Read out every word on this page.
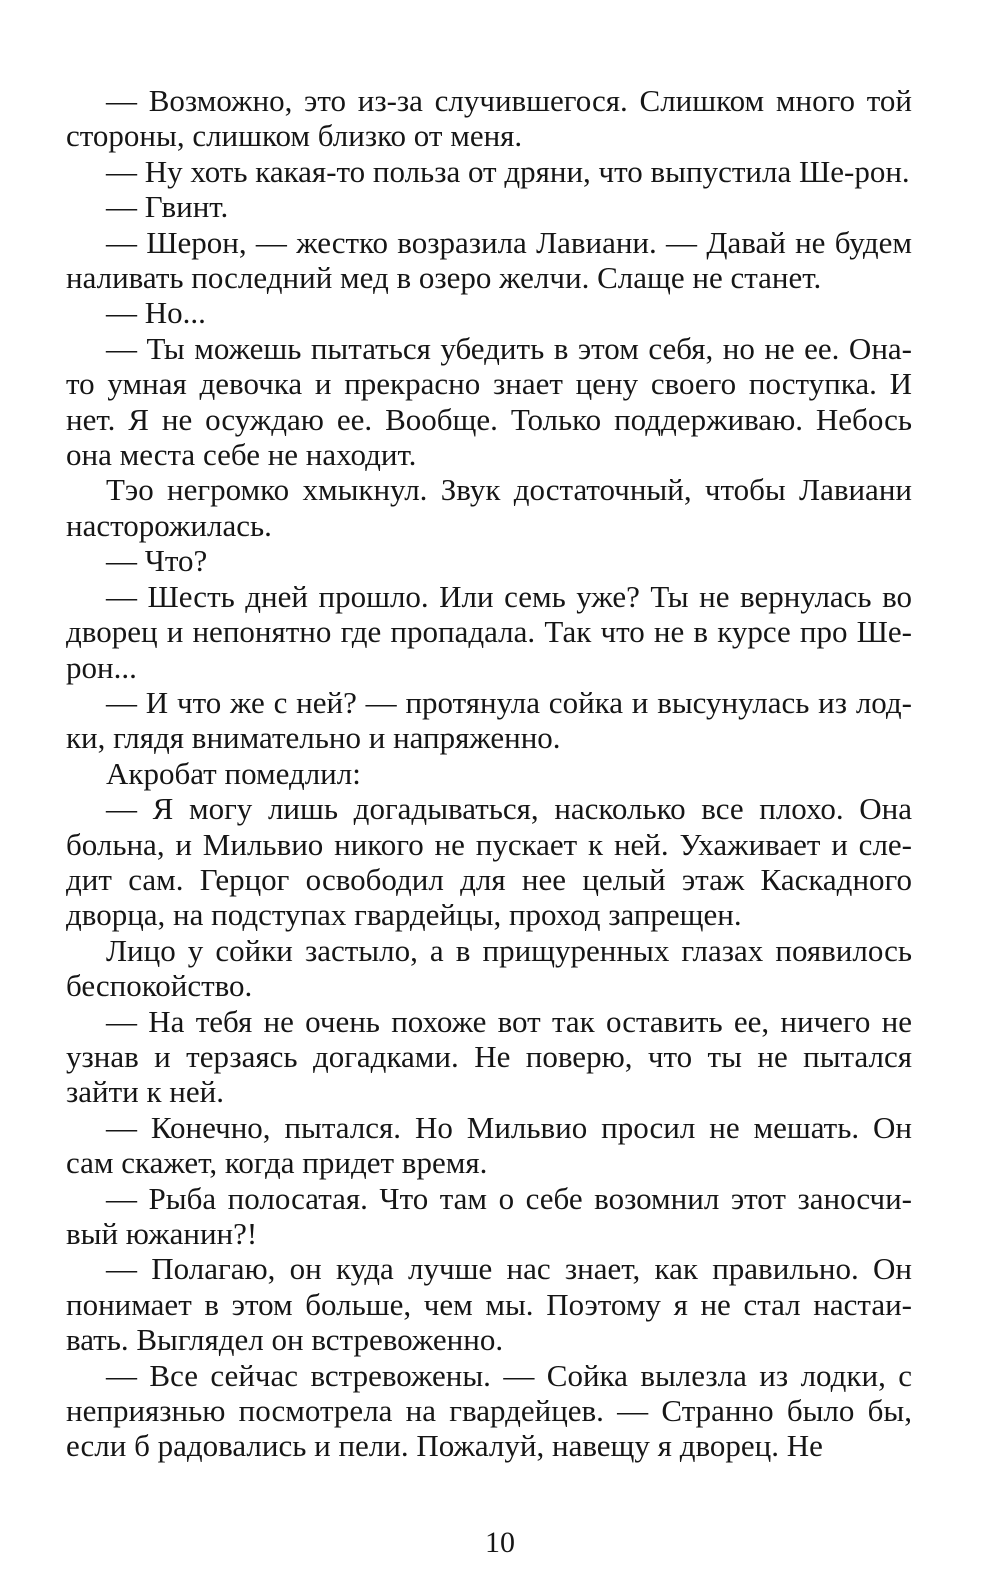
— Возможно, это из-за случившегося. Слишком много той стороны, слишком близко от меня.

— Ну хоть какая-то польза от дряни, что выпустила Ше-рон.

— Гвинт.

— Шерон, — жестко возразила Лавиани. — Давай не будем наливать последний мед в озеро желчи. Слаще не станет.

— Но...

— Ты можешь пытаться убедить в этом себя, но не ее. Она-то умная девочка и прекрасно знает цену своего поступка. И нет. Я не осуждаю ее. Вообще. Только поддерживаю. Небось она места себе не находит.

Тэо негромко хмыкнул. Звук достаточный, чтобы Лавиани насторожилась.

— Что?

— Шесть дней прошло. Или семь уже? Ты не вернулась во дворец и непонятно где пропадала. Так что не в курсе про Ше-рон...

— И что же с ней? — протянула сойка и высунулась из лод-ки, глядя внимательно и напряженно.

Акробат помедлил:

— Я могу лишь догадываться, насколько все плохо. Она больна, и Мильвио никого не пускает к ней. Ухаживает и сле-дит сам. Герцог освободил для нее целый этаж Каскадного дворца, на подступах гвардейцы, проход запрещен.

Лицо у сойки застыло, а в прищуренных глазах появилось беспокойство.

— На тебя не очень похоже вот так оставить ее, ничего не узнав и терзаясь догадками. Не поверю, что ты не пытался зайти к ней.

— Конечно, пытался. Но Мильвио просил не мешать. Он сам скажет, когда придет время.

— Рыба полосатая. Что там о себе возомнил этот заносчи-вый южанин?!

— Полагаю, он куда лучше нас знает, как правильно. Он понимает в этом больше, чем мы. Поэтому я не стал настаи-вать. Выглядел он встревоженно.

— Все сейчас встревожены. — Сойка вылезла из лодки, с неприязнью посмотрела на гвардейцев. — Странно было бы, если б радовались и пели. Пожалуй, навещу я дворец. Не

10
